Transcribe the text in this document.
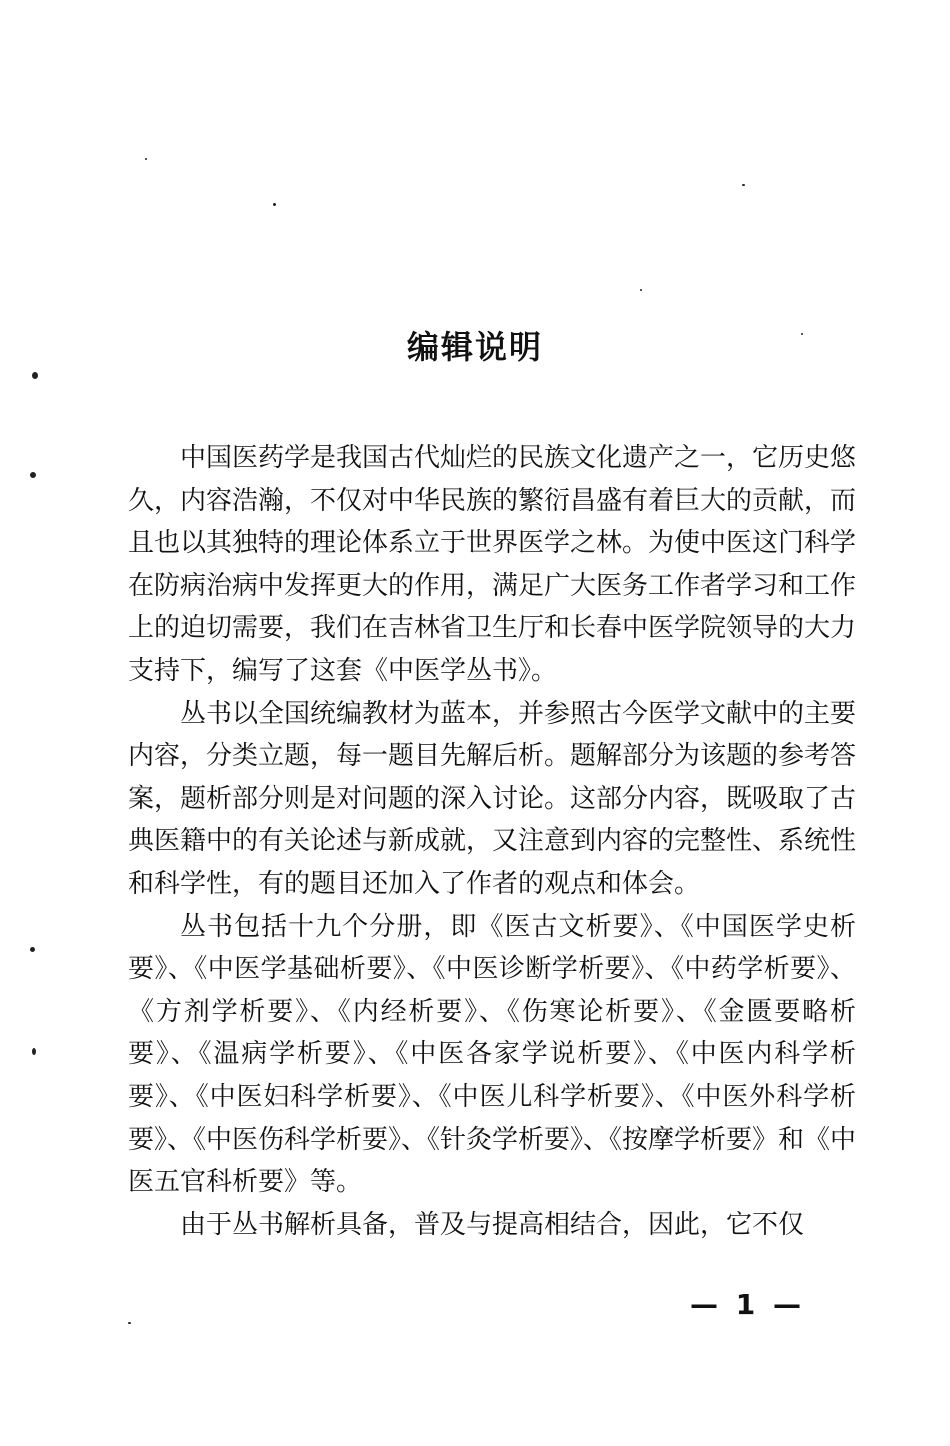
编辑说明

中国医药学是我国古代灿烂的民族文化遗产之一，它历史悠久，内容浩瀚，不仅对中华民族的繁衍昌盛有着巨大的贡献，而且也以其独特的理论体系立于世界医学之林。为使中医这门科学在防病治病中发挥更大的作用，满足广大医务工作者学习和工作上的迫切需要，我们在吉林省卫生厅和长春中医学院领导的大力支持下，编写了这套《中医学丛书》。

丛书以全国统编教材为蓝本，并参照古今医学文献中的主要内容，分类立题，每一题目先解后析。题解部分为该题的参考答案，题析部分则是对问题的深入讨论。这部分内容，既吸取了古典医籍中的有关论述与新成就，又注意到内容的完整性、系统性和科学性，有的题目还加入了作者的观点和体会。

丛书包括十九个分册，即《医古文析要》、《中国医学史析要》、《中医学基础析要》、《中医诊断学析要》、《中药学析要》、《方剂学析要》、《内经析要》、《伤寒论析要》、《金匮要略析要》、《温病学析要》、《中医各家学说析要》、《中医内科学析要》、《中医妇科学析要》、《中医儿科学析要》、《中医外科学析要》、《中医伤科学析要》、《针灸学析要》、《按摩学析要》和《中医五官科析要》等。

由于丛书解析具备，普及与提高相结合，因此，它不仅

— 1 —
